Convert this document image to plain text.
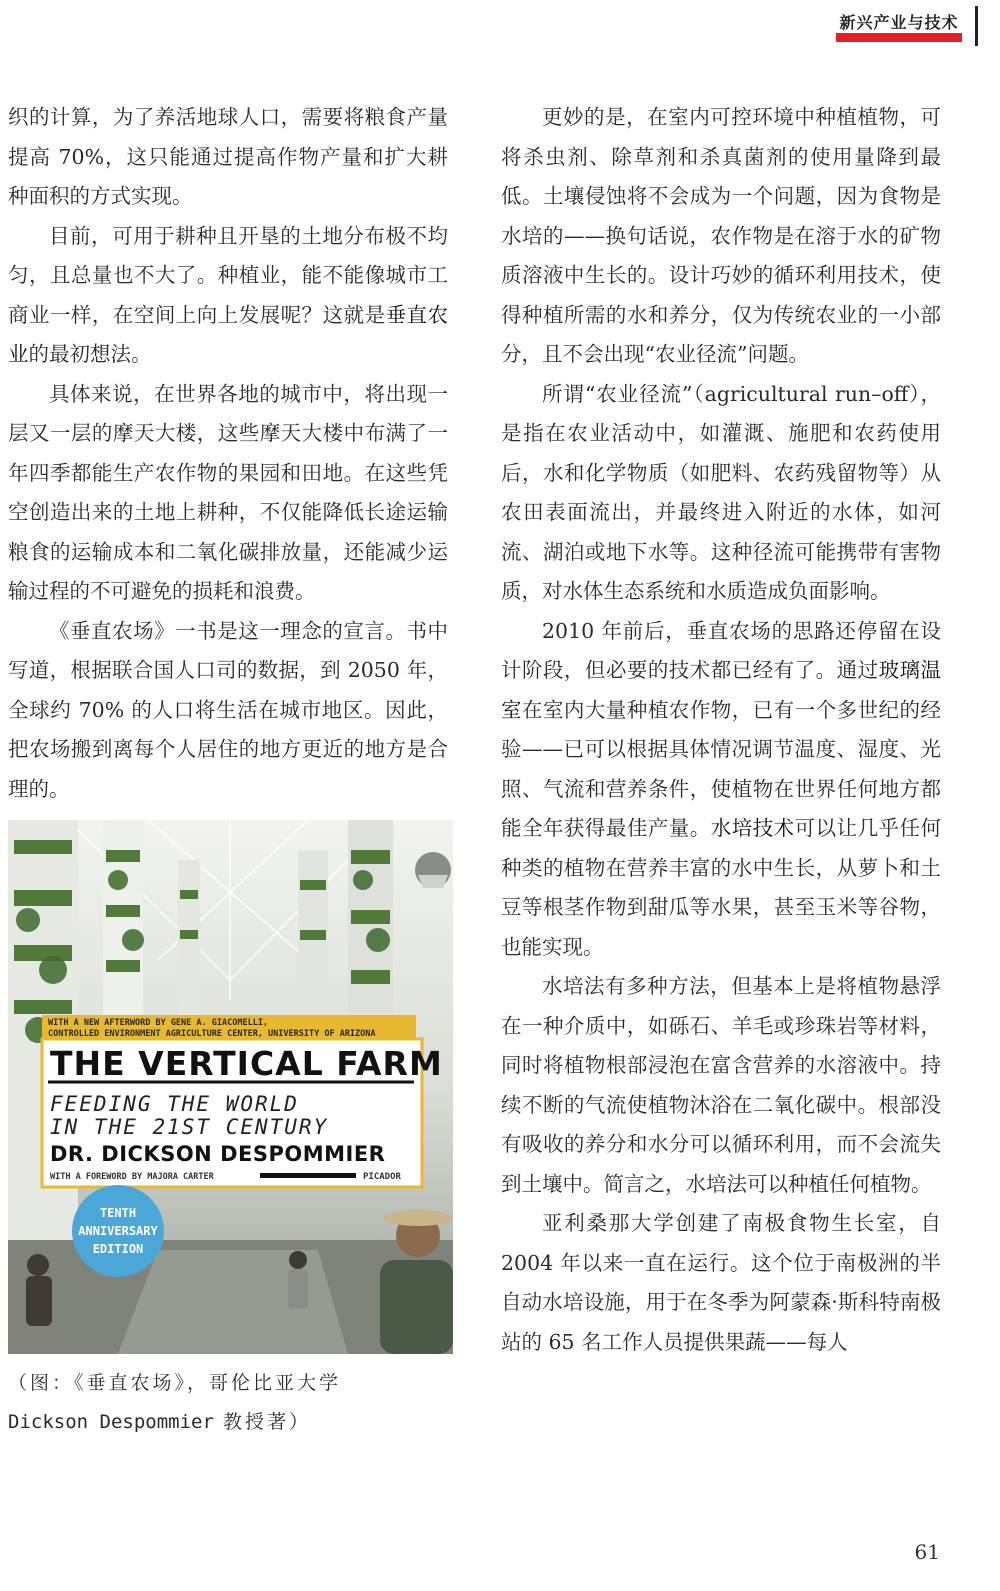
新兴产业与技术

织的计算，为了养活地球人口，需要将粮食产量提高 70%，这只能通过提高作物产量和扩大耕种面积的方式实现。

目前，可用于耕种且开垦的土地分布极不均匀，且总量也不大了。种植业，能不能像城市工商业一样，在空间上向上发展呢？这就是垂直农业的最初想法。

具体来说，在世界各地的城市中，将出现一层又一层的摩天大楼，这些摩天大楼中布满了一年四季都能生产农作物的果园和田地。在这些凭空创造出来的土地上耕种，不仅能降低长途运输粮食的运输成本和二氧化碳排放量，还能减少运输过程的不可避免的损耗和浪费。

《垂直农场》一书是这一理念的宣言。书中写道，根据联合国人口司的数据，到 2050 年，全球约 70% 的人口将生活在城市地区。因此，把农场搬到离每个人居住的地方更近的地方是合理的。

WITH A NEW AFTERWORD BY GENE A. GIACOMELLI,
CONTROLLED ENVIRONMENT AGRICULTURE CENTER, UNIVERSITY OF ARIZONA
THE VERTICAL FARM
FEEDING THE WORLD
IN THE 21ST CENTURY
DR. DICKSON DESPOMMIER
WITH A FOREWORD BY MAJORA CARTER	PICADOR
TENTH
ANNIVERSARY
EDITION
（图：《垂直农场》，哥伦比亚大学
Dickson Despommier 教授著）

更妙的是，在室内可控环境中种植植物，可将杀虫剂、除草剂和杀真菌剂的使用量降到最低。土壤侵蚀将不会成为一个问题，因为食物是水培的——换句话说，农作物是在溶于水的矿物质溶液中生长的。设计巧妙的循环利用技术，使得种植所需的水和养分，仅为传统农业的一小部分，且不会出现“农业径流”问题。

所谓“农业径流”（agricultural run–off），是指在农业活动中，如灌溉、施肥和农药使用后，水和化学物质（如肥料、农药残留物等）从农田表面流出，并最终进入附近的水体，如河流、湖泊或地下水等。这种径流可能携带有害物质，对水体生态系统和水质造成负面影响。

2010 年前后，垂直农场的思路还停留在设计阶段，但必要的技术都已经有了。通过玻璃温室在室内大量种植农作物，已有一个多世纪的经验——已可以根据具体情况调节温度、湿度、光照、气流和营养条件，使植物在世界任何地方都能全年获得最佳产量。水培技术可以让几乎任何种类的植物在营养丰富的水中生长，从萝卜和土豆等根茎作物到甜瓜等水果，甚至玉米等谷物，也能实现。

水培法有多种方法，但基本上是将植物悬浮在一种介质中，如砾石、羊毛或珍珠岩等材料，同时将植物根部浸泡在富含营养的水溶液中。持续不断的气流使植物沐浴在二氧化碳中。根部没有吸收的养分和水分可以循环利用，而不会流失到土壤中。简言之，水培法可以种植任何植物。

亚利桑那大学创建了南极食物生长室，自 2004 年以来一直在运行。这个位于南极洲的半自动水培设施，用于在冬季为阿蒙森·斯科特南极站的 65 名工作人员提供果蔬——每人

61
